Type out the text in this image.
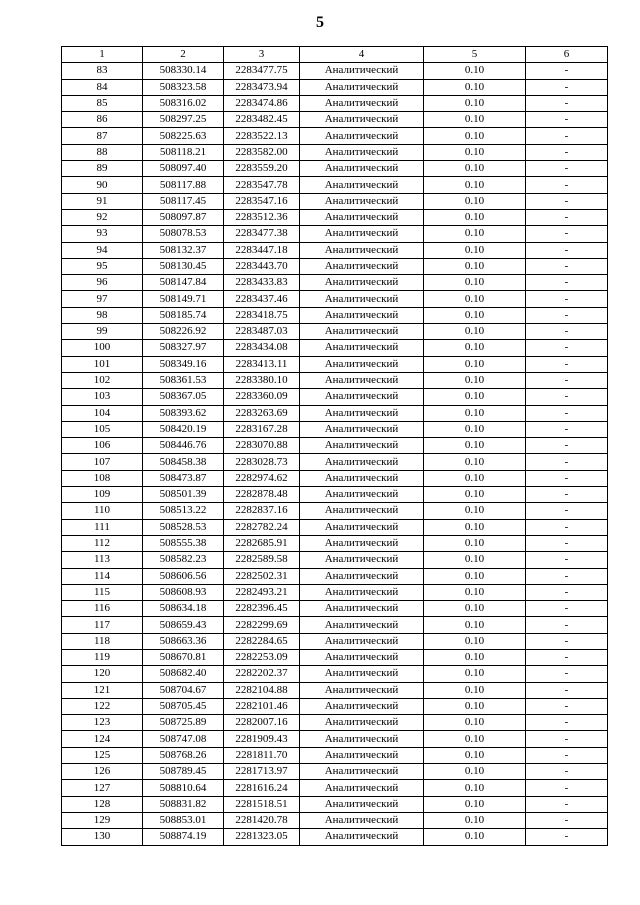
5
1	2	3	4	5	6
83	508330.14	2283477.75	Аналитический	0.10	-
84	508323.58	2283473.94	Аналитический	0.10	-
85	508316.02	2283474.86	Аналитический	0.10	-
86	508297.25	2283482.45	Аналитический	0.10	-
87	508225.63	2283522.13	Аналитический	0.10	-
88	508118.21	2283582.00	Аналитический	0.10	-
89	508097.40	2283559.20	Аналитический	0.10	-
90	508117.88	2283547.78	Аналитический	0.10	-
91	508117.45	2283547.16	Аналитический	0.10	-
92	508097.87	2283512.36	Аналитический	0.10	-
93	508078.53	2283477.38	Аналитический	0.10	-
94	508132.37	2283447.18	Аналитический	0.10	-
95	508130.45	2283443.70	Аналитический	0.10	-
96	508147.84	2283433.83	Аналитический	0.10	-
97	508149.71	2283437.46	Аналитический	0.10	-
98	508185.74	2283418.75	Аналитический	0.10	-
99	508226.92	2283487.03	Аналитический	0.10	-
100	508327.97	2283434.08	Аналитический	0.10	-
101	508349.16	2283413.11	Аналитический	0.10	-
102	508361.53	2283380.10	Аналитический	0.10	-
103	508367.05	2283360.09	Аналитический	0.10	-
104	508393.62	2283263.69	Аналитический	0.10	-
105	508420.19	2283167.28	Аналитический	0.10	-
106	508446.76	2283070.88	Аналитический	0.10	-
107	508458.38	2283028.73	Аналитический	0.10	-
108	508473.87	2282974.62	Аналитический	0.10	-
109	508501.39	2282878.48	Аналитический	0.10	-
110	508513.22	2282837.16	Аналитический	0.10	-
111	508528.53	2282782.24	Аналитический	0.10	-
112	508555.38	2282685.91	Аналитический	0.10	-
113	508582.23	2282589.58	Аналитический	0.10	-
114	508606.56	2282502.31	Аналитический	0.10	-
115	508608.93	2282493.21	Аналитический	0.10	-
116	508634.18	2282396.45	Аналитический	0.10	-
117	508659.43	2282299.69	Аналитический	0.10	-
118	508663.36	2282284.65	Аналитический	0.10	-
119	508670.81	2282253.09	Аналитический	0.10	-
120	508682.40	2282202.37	Аналитический	0.10	-
121	508704.67	2282104.88	Аналитический	0.10	-
122	508705.45	2282101.46	Аналитический	0.10	-
123	508725.89	2282007.16	Аналитический	0.10	-
124	508747.08	2281909.43	Аналитический	0.10	-
125	508768.26	2281811.70	Аналитический	0.10	-
126	508789.45	2281713.97	Аналитический	0.10	-
127	508810.64	2281616.24	Аналитический	0.10	-
128	508831.82	2281518.51	Аналитический	0.10	-
129	508853.01	2281420.78	Аналитический	0.10	-
130	508874.19	2281323.05	Аналитический	0.10	-
